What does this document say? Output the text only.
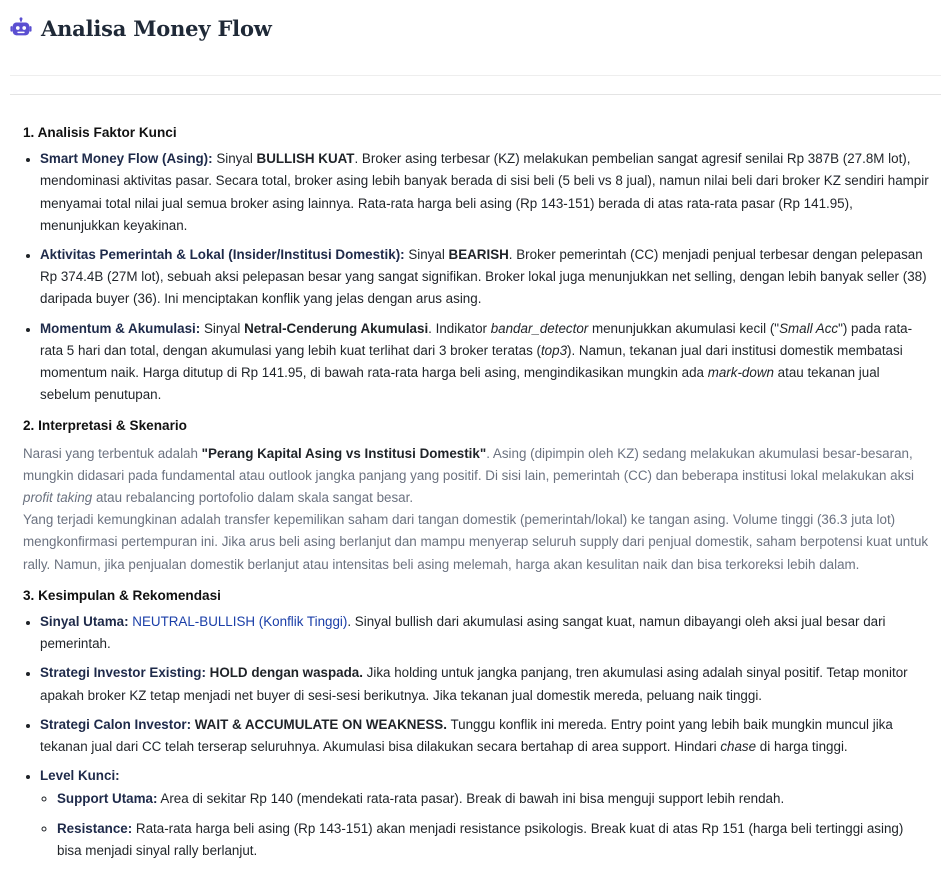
Analisa Money Flow

1. Analisis Faktor Kunci

• Smart Money Flow (Asing): Sinyal BULLISH KUAT. Broker asing terbesar (KZ) melakukan pembelian sangat agresif senilai Rp 387B (27.8M lot), mendominasi aktivitas pasar. Secara total, broker asing lebih banyak berada di sisi beli (5 beli vs 8 jual), namun nilai beli dari broker KZ sendiri hampir menyamai total nilai jual semua broker asing lainnya. Rata-rata harga beli asing (Rp 143-151) berada di atas rata-rata pasar (Rp 141.95), menunjukkan keyakinan.
• Aktivitas Pemerintah & Lokal (Insider/Institusi Domestik): Sinyal BEARISH. Broker pemerintah (CC) menjadi penjual terbesar dengan pelepasan Rp 374.4B (27M lot), sebuah aksi pelepasan besar yang sangat signifikan. Broker lokal juga menunjukkan net selling, dengan lebih banyak seller (38) daripada buyer (36). Ini menciptakan konflik yang jelas dengan arus asing.
• Momentum & Akumulasi: Sinyal Netral-Cenderung Akumulasi. Indikator bandar_detector menunjukkan akumulasi kecil ("Small Acc") pada rata-rata 5 hari dan total, dengan akumulasi yang lebih kuat terlihat dari 3 broker teratas (top3). Namun, tekanan jual dari institusi domestik membatasi momentum naik. Harga ditutup di Rp 141.95, di bawah rata-rata harga beli asing, mengindikasikan mungkin ada mark-down atau tekanan jual sebelum penutupan.

2. Interpretasi & Skenario

Narasi yang terbentuk adalah "Perang Kapital Asing vs Institusi Domestik". Asing (dipimpin oleh KZ) sedang melakukan akumulasi besar-besaran, mungkin didasari pada fundamental atau outlook jangka panjang yang positif. Di sisi lain, pemerintah (CC) dan beberapa institusi lokal melakukan aksi profit taking atau rebalancing portofolio dalam skala sangat besar.
Yang terjadi kemungkinan adalah transfer kepemilikan saham dari tangan domestik (pemerintah/lokal) ke tangan asing. Volume tinggi (36.3 juta lot) mengkonfirmasi pertempuran ini. Jika arus beli asing berlanjut dan mampu menyerap seluruh supply dari penjual domestik, saham berpotensi kuat untuk rally. Namun, jika penjualan domestik berlanjut atau intensitas beli asing melemah, harga akan kesulitan naik dan bisa terkoreksi lebih dalam.

3. Kesimpulan & Rekomendasi

• Sinyal Utama: NEUTRAL-BULLISH (Konflik Tinggi). Sinyal bullish dari akumulasi asing sangat kuat, namun dibayangi oleh aksi jual besar dari pemerintah.
• Strategi Investor Existing: HOLD dengan waspada. Jika holding untuk jangka panjang, tren akumulasi asing adalah sinyal positif. Tetap monitor apakah broker KZ tetap menjadi net buyer di sesi-sesi berikutnya. Jika tekanan jual domestik mereda, peluang naik tinggi.
• Strategi Calon Investor: WAIT & ACCUMULATE ON WEAKNESS. Tunggu konflik ini mereda. Entry point yang lebih baik mungkin muncul jika tekanan jual dari CC telah terserap seluruhnya. Akumulasi bisa dilakukan secara bertahap di area support. Hindari chase di harga tinggi.
• Level Kunci:
◦ Support Utama: Area di sekitar Rp 140 (mendekati rata-rata pasar). Break di bawah ini bisa menguji support lebih rendah.
◦ Resistance: Rata-rata harga beli asing (Rp 143-151) akan menjadi resistance psikologis. Break kuat di atas Rp 151 (harga beli tertinggi asing) bisa menjadi sinyal rally berlanjut.
